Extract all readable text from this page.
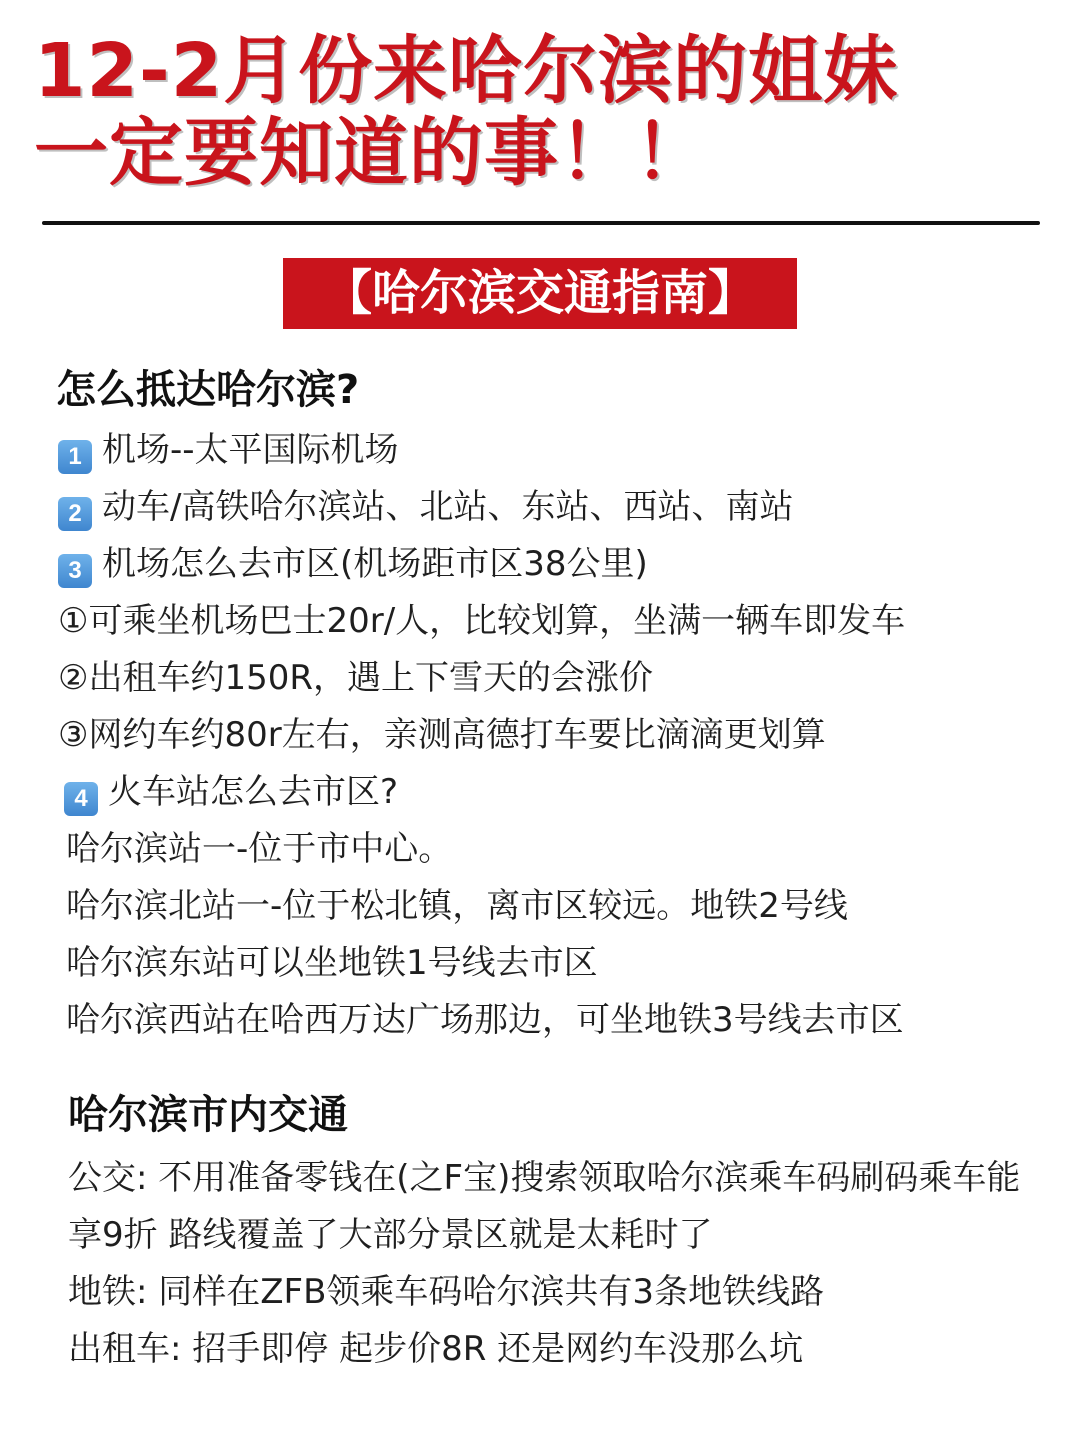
12-2月份来哈尔滨的姐妹
一定要知道的事！！
【哈尔滨交通指南】
怎么抵达哈尔滨?
1 机场--太平国际机场
2 动车/高铁哈尔滨站、北站、东站、西站、南站
3 机场怎么去市区(机场距市区38公里)
①可乘坐机场巴士20r/人，比较划算，坐满一辆车即发车
②出租车约150R，遇上下雪天的会涨价
③网约车约80r左右，亲测高德打车要比滴滴更划算
4 火车站怎么去市区?
哈尔滨站一-位于市中心。
哈尔滨北站一-位于松北镇，离市区较远。地铁2号线
哈尔滨东站可以坐地铁1号线去市区
哈尔滨西站在哈西万达广场那边，可坐地铁3号线去市区
哈尔滨市内交通
公交: 不用准备零钱在(之F宝)搜索领取哈尔滨乘车码刷码乘车能
享9折 路线覆盖了大部分景区就是太耗时了
地铁: 同样在ZFB领乘车码哈尔滨共有3条地铁线路
出租车: 招手即停 起步价8R 还是网约车没那么坑
